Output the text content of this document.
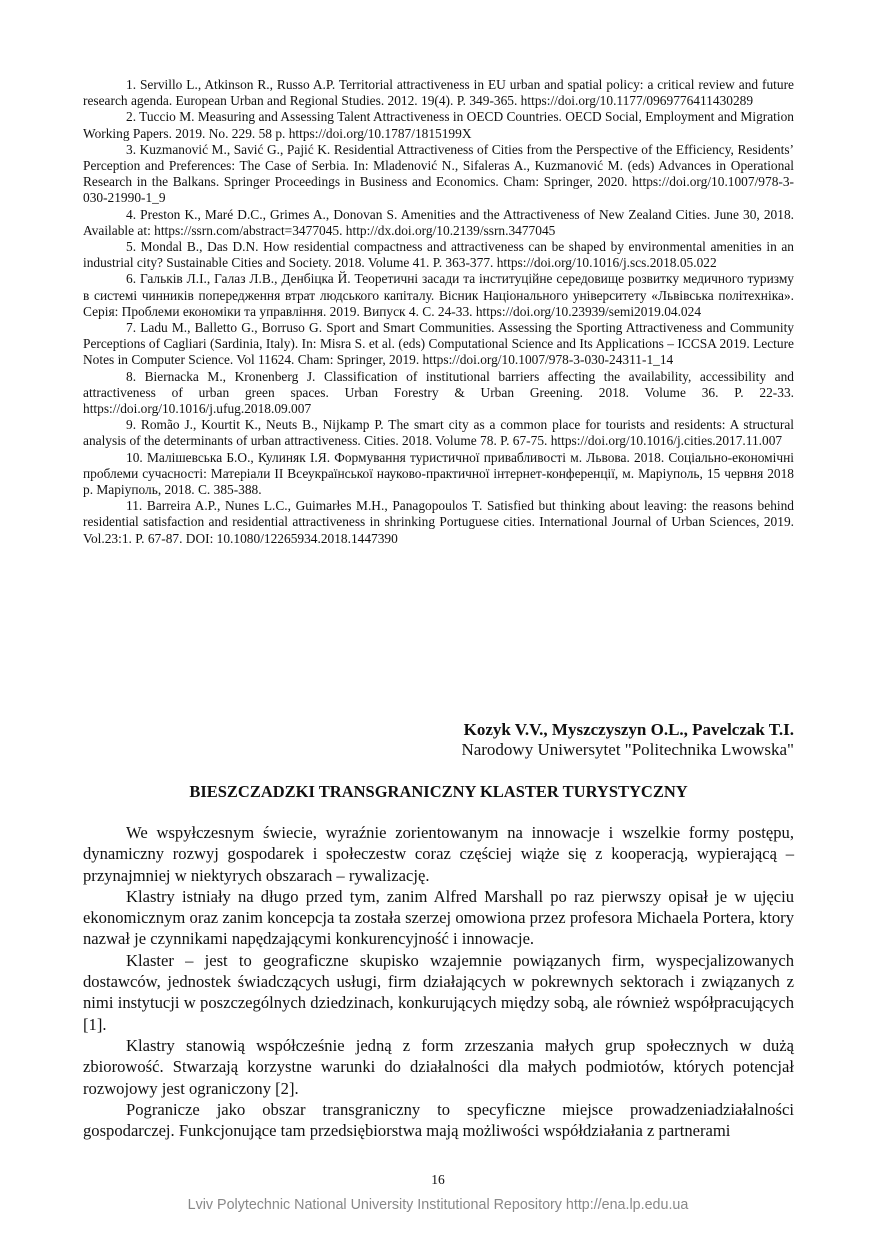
1. Servillo L., Atkinson R., Russo A.P. Territorial attractiveness in EU urban and spatial policy: a critical review and future research agenda. European Urban and Regional Studies. 2012. 19(4). P. 349-365. https://doi.org/10.1177/0969776411430289

2. Tuccio M. Measuring and Assessing Talent Attractiveness in OECD Countries. OECD Social, Employment and Migration Working Papers. 2019. No. 229. 58 p. https://doi.org/10.1787/1815199X

3. Kuzmanović M., Savić G., Pajić K. Residential Attractiveness of Cities from the Perspective of the Efficiency, Residents’ Perception and Preferences: The Case of Serbia. In: Mladenović N., Sifaleras A., Kuzmanović M. (eds) Advances in Operational Research in the Balkans. Springer Proceedings in Business and Economics. Cham: Springer, 2020. https://doi.org/10.1007/978-3-030-21990-1_9

4. Preston K., Maré D.C., Grimes A., Donovan S. Amenities and the Attractiveness of New Zealand Cities. June 30, 2018. Available at: https://ssrn.com/abstract=3477045. http://dx.doi.org/10.2139/ssrn.3477045

5. Mondal B., Das D.N. How residential compactness and attractiveness can be shaped by environmental amenities in an industrial city? Sustainable Cities and Society. 2018. Volume 41. P. 363-377. https://doi.org/10.1016/j.scs.2018.05.022

6. Гальків Л.І., Галаз Л.В., Денбіцка Й. Теоретичні засади та інституційне середовище розвитку медичного туризму в системі чинників попередження втрат людського капіталу. Вісник Національного університету «Львівська політехніка». Серія: Проблеми економіки та управління. 2019. Випуск 4. С. 24-33. https://doi.org/10.23939/semi2019.04.024

7. Ladu M., Balletto G., Borruso G. Sport and Smart Communities. Assessing the Sporting Attractiveness and Community Perceptions of Cagliari (Sardinia, Italy). In: Misra S. et al. (eds) Computational Science and Its Applications – ICCSA 2019. Lecture Notes in Computer Science. Vol 11624. Cham: Springer, 2019. https://doi.org/10.1007/978-3-030-24311-1_14

8. Biernacka M., Kronenberg J. Classification of institutional barriers affecting the availability, accessibility and attractiveness of urban green spaces. Urban Forestry & Urban Greening. 2018. Volume 36. P. 22-33. https://doi.org/10.1016/j.ufug.2018.09.007

9. Romão J., Kourtit K., Neuts B., Nijkamp P. The smart city as a common place for tourists and residents: A structural analysis of the determinants of urban attractiveness. Cities. 2018. Volume 78. P. 67-75. https://doi.org/10.1016/j.cities.2017.11.007

10. Малішевська Б.О., Кулиняк І.Я. Формування туристичної привабливості м. Львова. 2018. Соціально-економічні проблеми сучасності: Матеріали ІІ Всеукраїнської науково-практичної інтернет-конференції, м. Маріуполь, 15 червня 2018 р. Маріуполь, 2018. С. 385-388.

11. Barreira A.P., Nunes L.C., Guimarłes M.H., Panagopoulos T. Satisfied but thinking about leaving: the reasons behind residential satisfaction and residential attractiveness in shrinking Portuguese cities. International Journal of Urban Sciences, 2019. Vol.23:1. P. 67-87. DOI: 10.1080/12265934.2018.1447390

Kozyk V.V., Myszczyszyn O.L., Pavelczak T.I.
Narodowy Uniwersytet "Politechnika Lwowska"
BIESZCZADZKI TRANSGRANICZNY KLASTER TURYSTYCZNY

We wspyłczesnym świecie, wyraźnie zorientowanym na innowacje i wszelkie formy postępu, dynamiczny rozwyj gospodarek i społeczestw coraz częściej wiąże się z kooperacją, wypierającą – przynajmniej w niektyrych obszarach – rywalizację.

Klastry istniały na długo przed tym, zanim Alfred Marshall po raz pierwszy opisał je w ujęciu ekonomicznym oraz zanim koncepcja ta została szerzej omowiona przez profesora Michaela Portera, ktory nazwał je czynnikami napędzającymi konkurencyjność i innowacje.

Klaster – jest to geograficzne skupisko wzajemnie powiązanych firm, wyspecjalizowanych dostawców, jednostek świadczących usługi, firm działających w pokrewnych sektorach i związanych z nimi instytucji w poszczególnych dziedzinach, konkurujących między sobą, ale również współpracujących [1].

Klastry stanowią współcześnie jedną z form zrzeszania małych grup społecznych w dużą zbiorowość. Stwarzają korzystne warunki do działalności dla małych podmiotów, których potencjał rozwojowy jest ograniczony [2].

Pogranicze jako obszar transgraniczny to specyficzne miejsce prowadzeniadziałalności gospodarczej. Funkcjonujące tam przedsiębiorstwa mają możliwości współdziałania z partnerami

16
Lviv Polytechnic National University Institutional Repository http://ena.lp.edu.ua
